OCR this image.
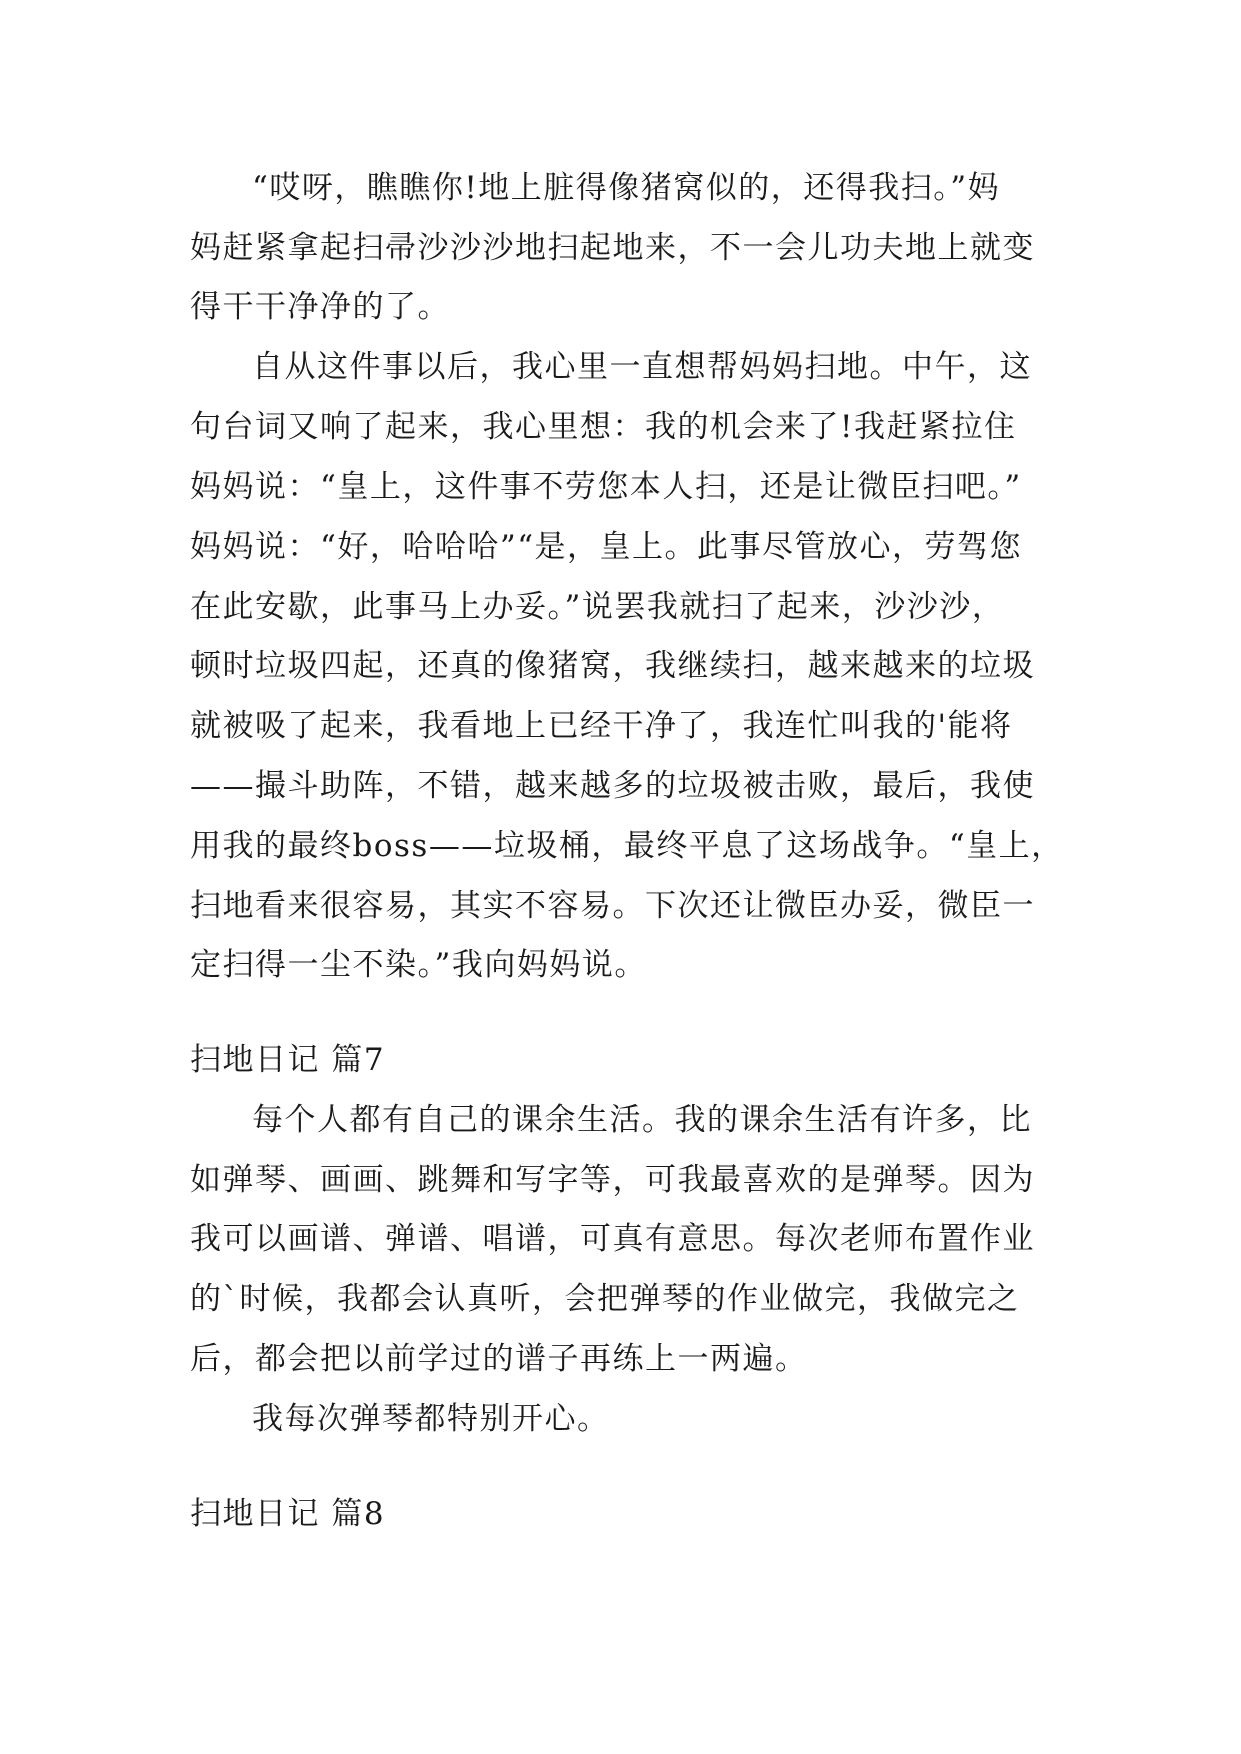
“哎呀，瞧瞧你!地上脏得像猪窝似的，还得我扫。”妈
妈赶紧拿起扫帚沙沙沙地扫起地来，不一会儿功夫地上就变
得干干净净的了。
自从这件事以后，我心里一直想帮妈妈扫地。中午，这
句台词又响了起来，我心里想：我的机会来了!我赶紧拉住
妈妈说：“皇上，这件事不劳您本人扫，还是让微臣扫吧。”
妈妈说：“好，哈哈哈”“是，皇上。此事尽管放心，劳驾您
在此安歇，此事马上办妥。”说罢我就扫了起来，沙沙沙，
顿时垃圾四起，还真的像猪窝，我继续扫，越来越来的垃圾
就被吸了起来，我看地上已经干净了，我连忙叫我的'能将
——撮斗助阵，不错，越来越多的垃圾被击败，最后，我使
用我的最终boss——垃圾桶，最终平息了这场战争。“皇上，
扫地看来很容易，其实不容易。下次还让微臣办妥，微臣一
定扫得一尘不染。”我向妈妈说。
扫地日记 篇7
每个人都有自己的课余生活。我的课余生活有许多，比
如弹琴、画画、跳舞和写字等，可我最喜欢的是弹琴。因为
我可以画谱、弹谱、唱谱，可真有意思。每次老师布置作业
的`时候，我都会认真听，会把弹琴的作业做完，我做完之
后，都会把以前学过的谱子再练上一两遍。
我每次弹琴都特别开心。
扫地日记 篇8
